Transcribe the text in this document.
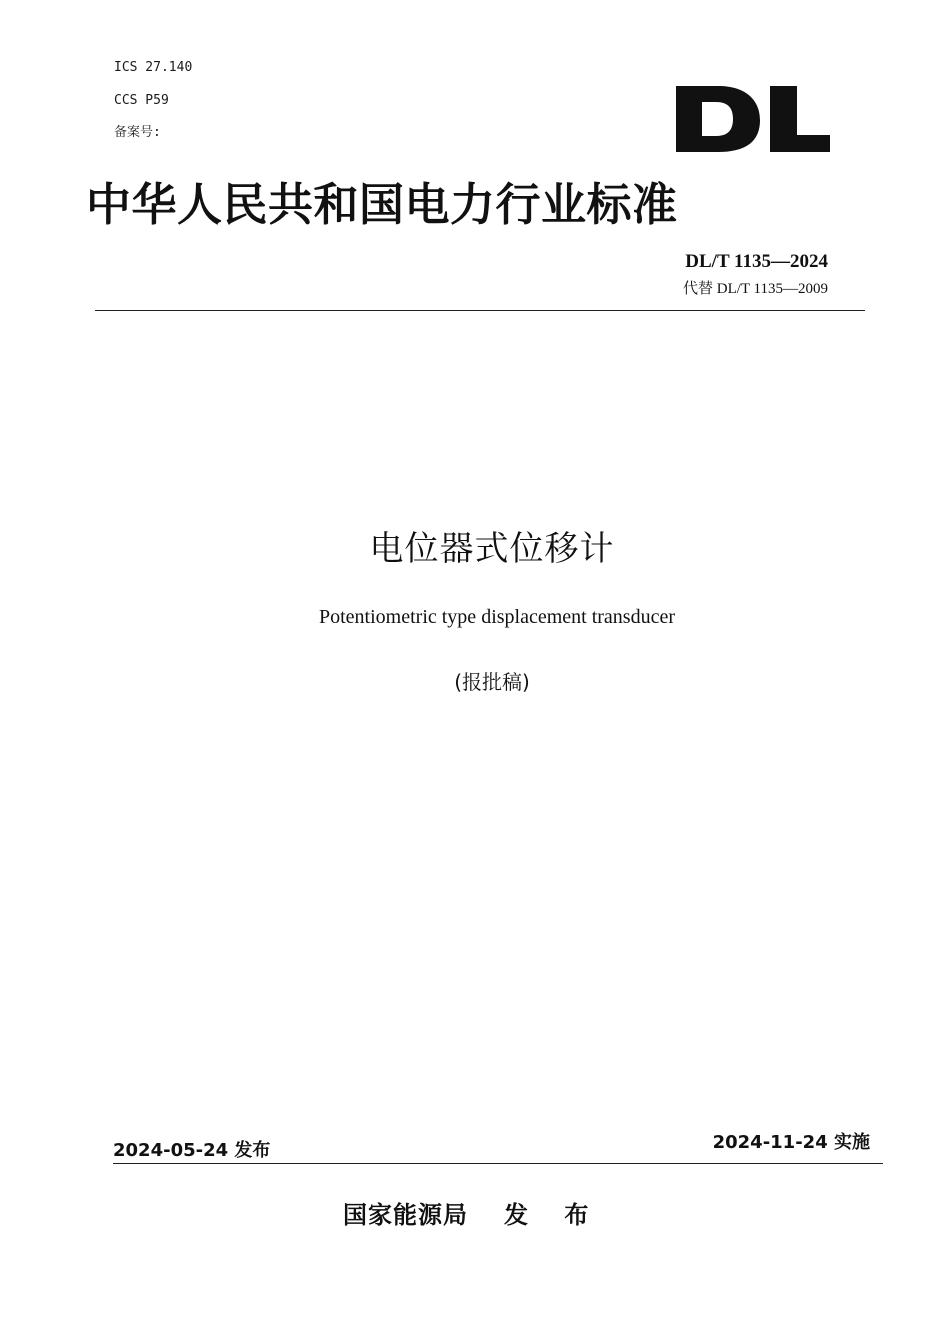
ICS 27.140
CCS P59
备案号:
中华人民共和国电力行业标准
DL/T 1135—2024
代替 DL/T 1135—2009
电位器式位移计
Potentiometric type displacement transducer
(报批稿)
2024-05-24 发布	2024-11-24 实施
国家能源局 发 布
